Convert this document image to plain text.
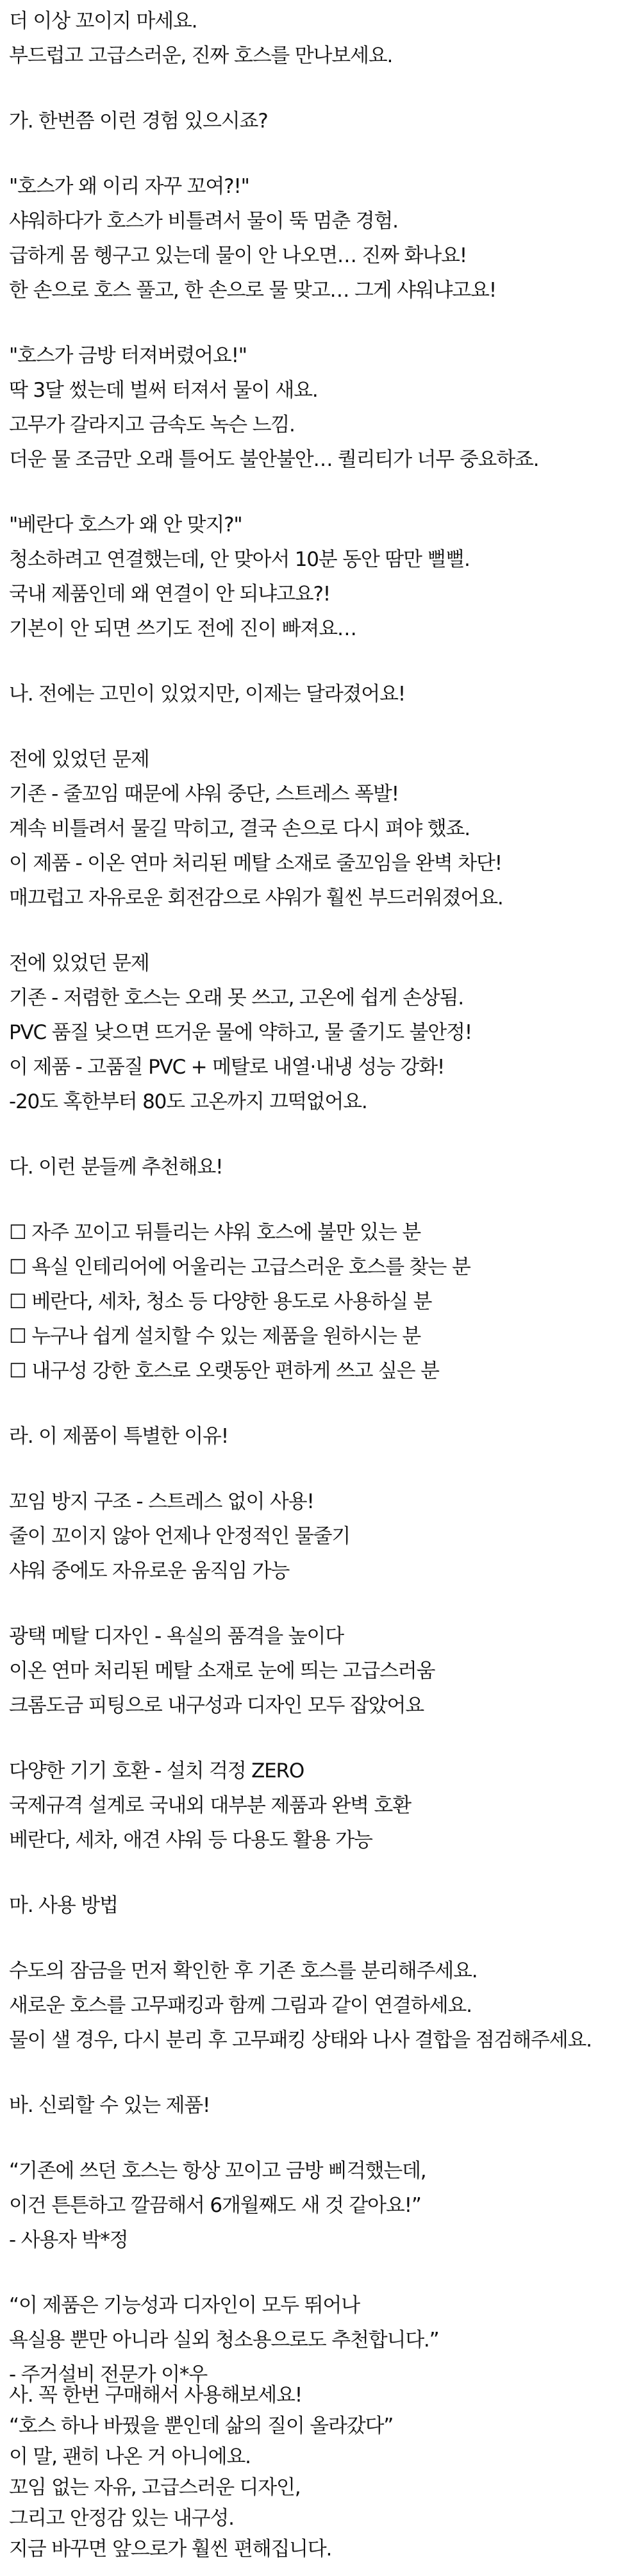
더 이상 꼬이지 마세요.
부드럽고 고급스러운, 진짜 호스를 만나보세요.
가. 한번쯤 이런 경험 있으시죠?
"호스가 왜 이리 자꾸 꼬여?!"
샤워하다가 호스가 비틀려서 물이 뚝 멈춘 경험.
급하게 몸 헹구고 있는데 물이 안 나오면… 진짜 화나요!
한 손으로 호스 풀고, 한 손으로 물 맞고… 그게 샤워냐고요!
"호스가 금방 터져버렸어요!"
딱 3달 썼는데 벌써 터져서 물이 새요.
고무가 갈라지고 금속도 녹슨 느낌.
더운 물 조금만 오래 틀어도 불안불안… 퀄리티가 너무 중요하죠.
"베란다 호스가 왜 안 맞지?"
청소하려고 연결했는데, 안 맞아서 10분 동안 땀만 뻘뻘.
국내 제품인데 왜 연결이 안 되냐고요?!
기본이 안 되면 쓰기도 전에 진이 빠져요…
나. 전에는 고민이 있었지만, 이제는 달라졌어요!
전에 있었던 문제
기존 - 줄꼬임 때문에 샤워 중단, 스트레스 폭발!
계속 비틀려서 물길 막히고, 결국 손으로 다시 펴야 했죠.
이 제품 - 이온 연마 처리된 메탈 소재로 줄꼬임을 완벽 차단!
매끄럽고 자유로운 회전감으로 샤워가 훨씬 부드러워졌어요.
전에 있었던 문제
기존 - 저렴한 호스는 오래 못 쓰고, 고온에 쉽게 손상됨.
PVC 품질 낮으면 뜨거운 물에 약하고, 물 줄기도 불안정!
이 제품 - 고품질 PVC + 메탈로 내열·내냉 성능 강화!
-20도 혹한부터 80도 고온까지 끄떡없어요.
다. 이런 분들께 추천해요!
☐ 자주 꼬이고 뒤틀리는 샤워 호스에 불만 있는 분
☐ 욕실 인테리어에 어울리는 고급스러운 호스를 찾는 분
☐ 베란다, 세차, 청소 등 다양한 용도로 사용하실 분
☐ 누구나 쉽게 설치할 수 있는 제품을 원하시는 분
☐ 내구성 강한 호스로 오랫동안 편하게 쓰고 싶은 분
라. 이 제품이 특별한 이유!
꼬임 방지 구조 - 스트레스 없이 사용!
줄이 꼬이지 않아 언제나 안정적인 물줄기
샤워 중에도 자유로운 움직임 가능
광택 메탈 디자인 - 욕실의 품격을 높이다
이온 연마 처리된 메탈 소재로 눈에 띄는 고급스러움
크롬도금 피팅으로 내구성과 디자인 모두 잡았어요
다양한 기기 호환 - 설치 걱정 ZERO
국제규격 설계로 국내외 대부분 제품과 완벽 호환
베란다, 세차, 애견 샤워 등 다용도 활용 가능
마. 사용 방법
수도의 잠금을 먼저 확인한 후 기존 호스를 분리해주세요.
새로운 호스를 고무패킹과 함께 그림과 같이 연결하세요.
물이 샐 경우, 다시 분리 후 고무패킹 상태와 나사 결합을 점검해주세요.
바. 신뢰할 수 있는 제품!
“기존에 쓰던 호스는 항상 꼬이고 금방 삐걱했는데,
이건 튼튼하고 깔끔해서 6개월째도 새 것 같아요!”
- 사용자 박*정
“이 제품은 기능성과 디자인이 모두 뛰어나
욕실용 뿐만 아니라 실외 청소용으로도 추천합니다.”
- 주거설비 전문가 이*우
사. 꼭 한번 구매해서 사용해보세요!
“호스 하나 바꿨을 뿐인데 삶의 질이 올라갔다”
이 말, 괜히 나온 거 아니에요.
꼬임 없는 자유, 고급스러운 디자인,
그리고 안정감 있는 내구성.
지금 바꾸면 앞으로가 훨씬 편해집니다.
